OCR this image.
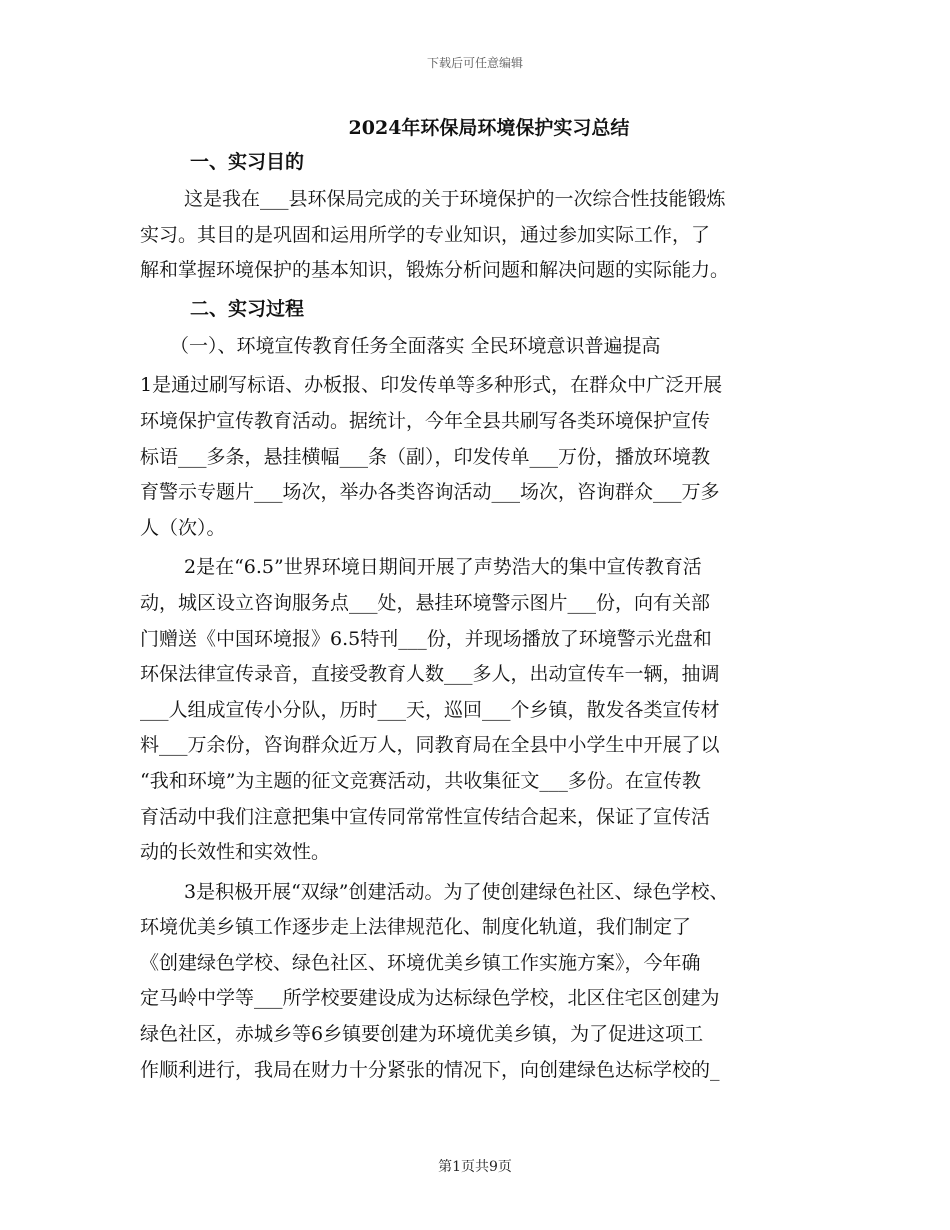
下载后可任意编辑
2024年环保局环境保护实习总结
一、实习目的
这是我在___县环保局完成的关于环境保护的一次综合性技能锻炼
实习。其目的是巩固和运用所学的专业知识，通过参加实际工作，了
解和掌握环境保护的基本知识，锻炼分析问题和解决问题的实际能力。
二、实习过程
（一）、环境宣传教育任务全面落实 全民环境意识普遍提高
1是通过刷写标语、办板报、印发传单等多种形式，在群众中广泛开展
环境保护宣传教育活动。据统计，今年全县共刷写各类环境保护宣传
标语___多条，悬挂横幅___条（副），印发传单___万份，播放环境教
育警示专题片___场次，举办各类咨询活动___场次，咨询群众___万多
人（次）。
2是在“6.5”世界环境日期间开展了声势浩大的集中宣传教育活
动，城区设立咨询服务点___处，悬挂环境警示图片___份，向有关部
门赠送《中国环境报》6.5特刊___份，并现场播放了环境警示光盘和
环保法律宣传录音，直接受教育人数___多人，出动宣传车一辆，抽调
___人组成宣传小分队，历时___天，巡回___个乡镇，散发各类宣传材
料___万余份，咨询群众近万人，同教育局在全县中小学生中开展了以
“我和环境”为主题的征文竞赛活动，共收集征文___多份。在宣传教
育活动中我们注意把集中宣传同常常性宣传结合起来，保证了宣传活
动的长效性和实效性。
3是积极开展“双绿”创建活动。为了使创建绿色社区、绿色学校、
环境优美乡镇工作逐步走上法律规范化、制度化轨道，我们制定了
《创建绿色学校、绿色社区、环境优美乡镇工作实施方案》，今年确
定马岭中学等___所学校要建设成为达标绿色学校，北区住宅区创建为
绿色社区，赤城乡等6乡镇要创建为环境优美乡镇，为了促进这项工
作顺利进行，我局在财力十分紧张的情况下，向创建绿色达标学校的_
第1页共9页
